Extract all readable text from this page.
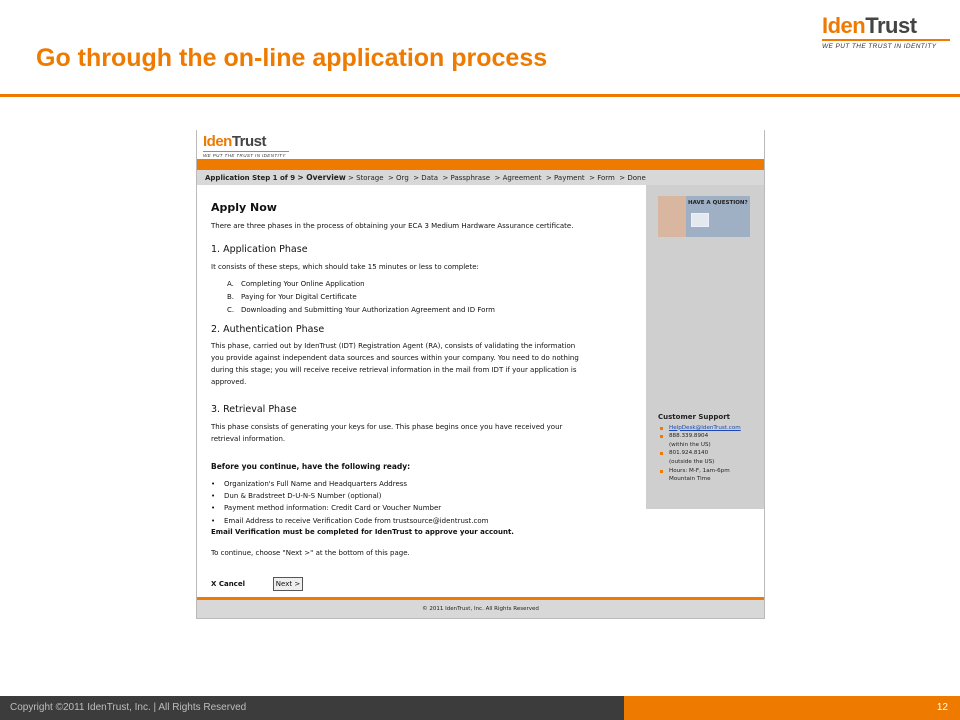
Go through the on-line application process
IdenTrust
WE PUT THE TRUST IN IDENTITY
IdenTrust
WE PUT THE TRUST IN IDENTITY
Application Step 1 of 9 > Overview > Storage  > Org  > Data  > Passphrase  > Agreement  > Payment  > Form  > Done
HAVE A QUESTION?
Customer Support
HelpDesk@IdenTrust.com
888.339.8904
(within the US)
801.924.8140
(outside the US)
Hours: M-F, 1am-6pm
Mountain Time
Apply Now
There are three phases in the process of obtaining your ECA 3 Medium Hardware Assurance certificate.
1. Application Phase
It consists of these steps, which should take 15 minutes or less to complete:
A. Completing Your Online Application
B. Paying for Your Digital Certificate
C. Downloading and Submitting Your Authorization Agreement and ID Form
2. Authentication Phase
This phase, carried out by IdenTrust (IDT) Registration Agent (RA), consists of validating the information
you provide against independent data sources and sources within your company. You need to do nothing
during this stage; you will receive receive retrieval information in the mail from IDT if your application is
approved.
3. Retrieval Phase
This phase consists of generating your keys for use. This phase begins once you have received your
retrieval information.
Before you continue, have the following ready:
• Organization's Full Name and Headquarters Address
• Dun & Bradstreet D-U-N-S Number (optional)
• Payment method information: Credit Card or Voucher Number
• Email Address to receive Verification Code from trustsource@identrust.com
Email Verification must be completed for IdenTrust to approve your account.
To continue, choose "Next >" at the bottom of this page.
X Cancel	Next >
© 2011 IdenTrust, Inc. All Rights Reserved
Copyright ©2011 IdenTrust, Inc. | All Rights Reserved	12
